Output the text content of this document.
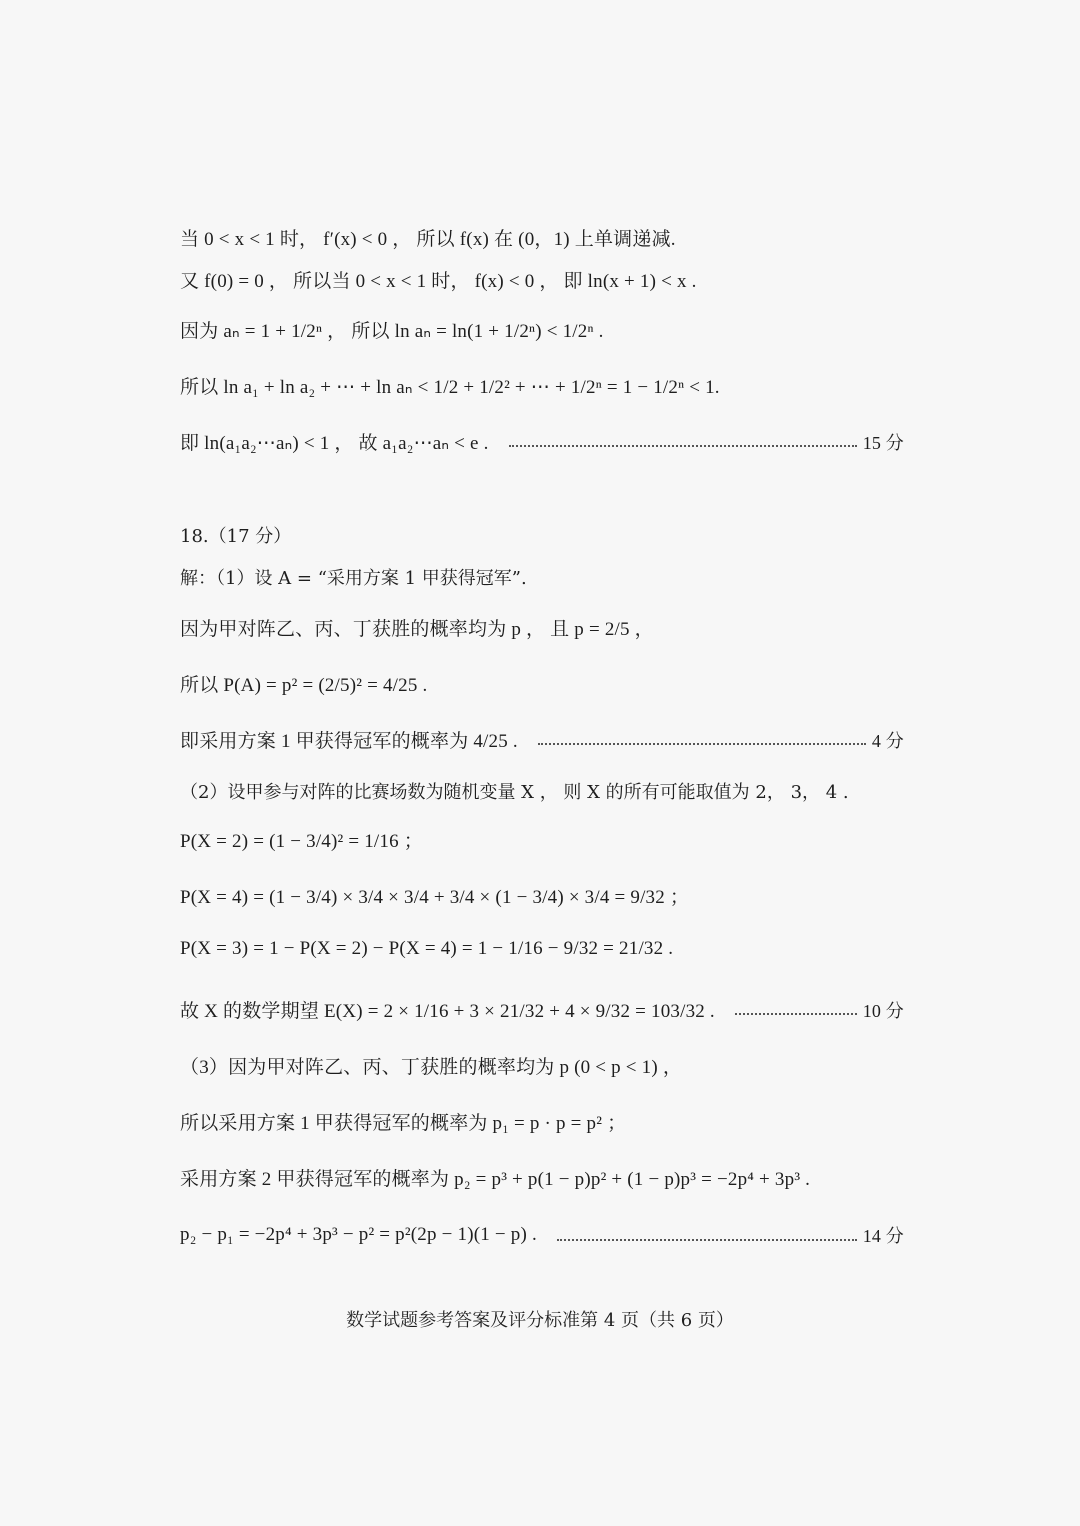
当 0 < x < 1 时， f′(x) < 0 ， 所以 f(x) 在 (0，1) 上单调递减.
又 f(0) = 0 ， 所以当 0 < x < 1 时， f(x) < 0 ， 即 ln(x + 1) < x .
因为 aₙ = 1 + 1/2ⁿ ， 所以 ln aₙ = ln(1 + 1/2ⁿ) < 1/2ⁿ .
所以 ln a₁ + ln a₂ + ⋯ + ln aₙ < 1/2 + 1/2² + ⋯ + 1/2ⁿ = 1 − 1/2ⁿ < 1.
即 ln(a₁a₂⋯aₙ) < 1 ， 故 a₁a₂⋯aₙ < e .	15 分
18.（17 分）
解：（1）设 A = “采用方案 1 甲获得冠军”.
因为甲对阵乙、丙、丁获胜的概率均为 p ， 且 p = 2/5 ，
所以 P(A) = p² = (2/5)² = 4/25 .
即采用方案 1 甲获得冠军的概率为 4/25 .	4 分
（2）设甲参与对阵的比赛场数为随机变量 X ， 则 X 的所有可能取值为 2， 3， 4 .
P(X = 2) = (1 − 3/4)² = 1/16 ；
P(X = 4) = (1 − 3/4) × 3/4 × 3/4 + 3/4 × (1 − 3/4) × 3/4 = 9/32 ；
P(X = 3) = 1 − P(X = 2) − P(X = 4) = 1 − 1/16 − 9/32 = 21/32 .
故 X 的数学期望 E(X) = 2 × 1/16 + 3 × 21/32 + 4 × 9/32 = 103/32 .	10 分
（3）因为甲对阵乙、丙、丁获胜的概率均为 p (0 < p < 1) ，
所以采用方案 1 甲获得冠军的概率为 p₁ = p · p = p² ；
采用方案 2 甲获得冠军的概率为 p₂ = p³ + p(1 − p)p² + (1 − p)p³ = −2p⁴ + 3p³ .
p₂ − p₁ = −2p⁴ + 3p³ − p² = p²(2p − 1)(1 − p) .	14 分
数学试题参考答案及评分标准第 4 页（共 6 页）
